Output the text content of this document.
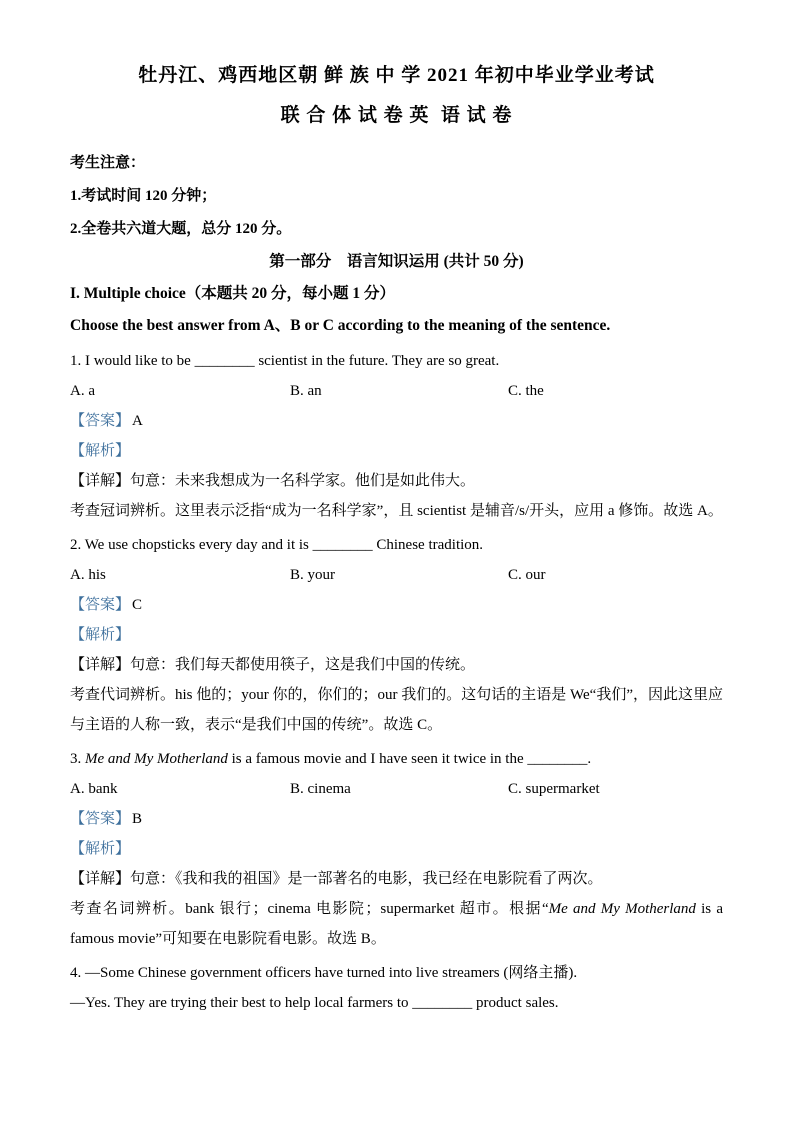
牡丹江、鸡西地区朝 鲜 族 中 学 2021 年初中毕业学业考试
联 合 体 试 卷 英  语 试 卷
考生注意：
1.考试时间 120 分钟；
2.全卷共六道大题，总分 120 分。
第一部分　语言知识运用 (共计 50 分)
I. Multiple choice（本题共 20 分，每小题 1 分）
Choose the best answer from A、B or C according to the meaning of the sentence.

1. I would like to be ________ scientist in the future. They are so great.

A. a	B. an	C. the

【答案】 A

【解析】

【详解】句意：未来我想成为一名科学家。他们是如此伟大。

考查冠词辨析。这里表示泛指“成为一名科学家”，且 scientist 是辅音/s/开头，应用 a 修饰。故选 A。

2. We use chopsticks every day and it is ________ Chinese tradition.

A. his	B. your	C. our

【答案】 C

【解析】

【详解】句意：我们每天都使用筷子，这是我们中国的传统。

考查代词辨析。his 他的；your 你的，你们的；our 我们的。这句话的主语是 We“我们”，因此这里应与主语的人称一致，表示“是我们中国的传统”。故选 C。

3. Me and My Motherland is a famous movie and I have seen it twice in the ________.

A. bank	B. cinema	C. supermarket

【答案】 B

【解析】

【详解】句意：《我和我的祖国》是一部著名的电影，我已经在电影院看了两次。

考查名词辨析。bank 银行；cinema 电影院；supermarket 超市。根据“Me and My Motherland is a famous movie”可知要在电影院看电影。故选 B。

4. —Some Chinese government officers have turned into live streamers (网络主播).

—Yes. They are trying their best to help local farmers to ________ product sales.
